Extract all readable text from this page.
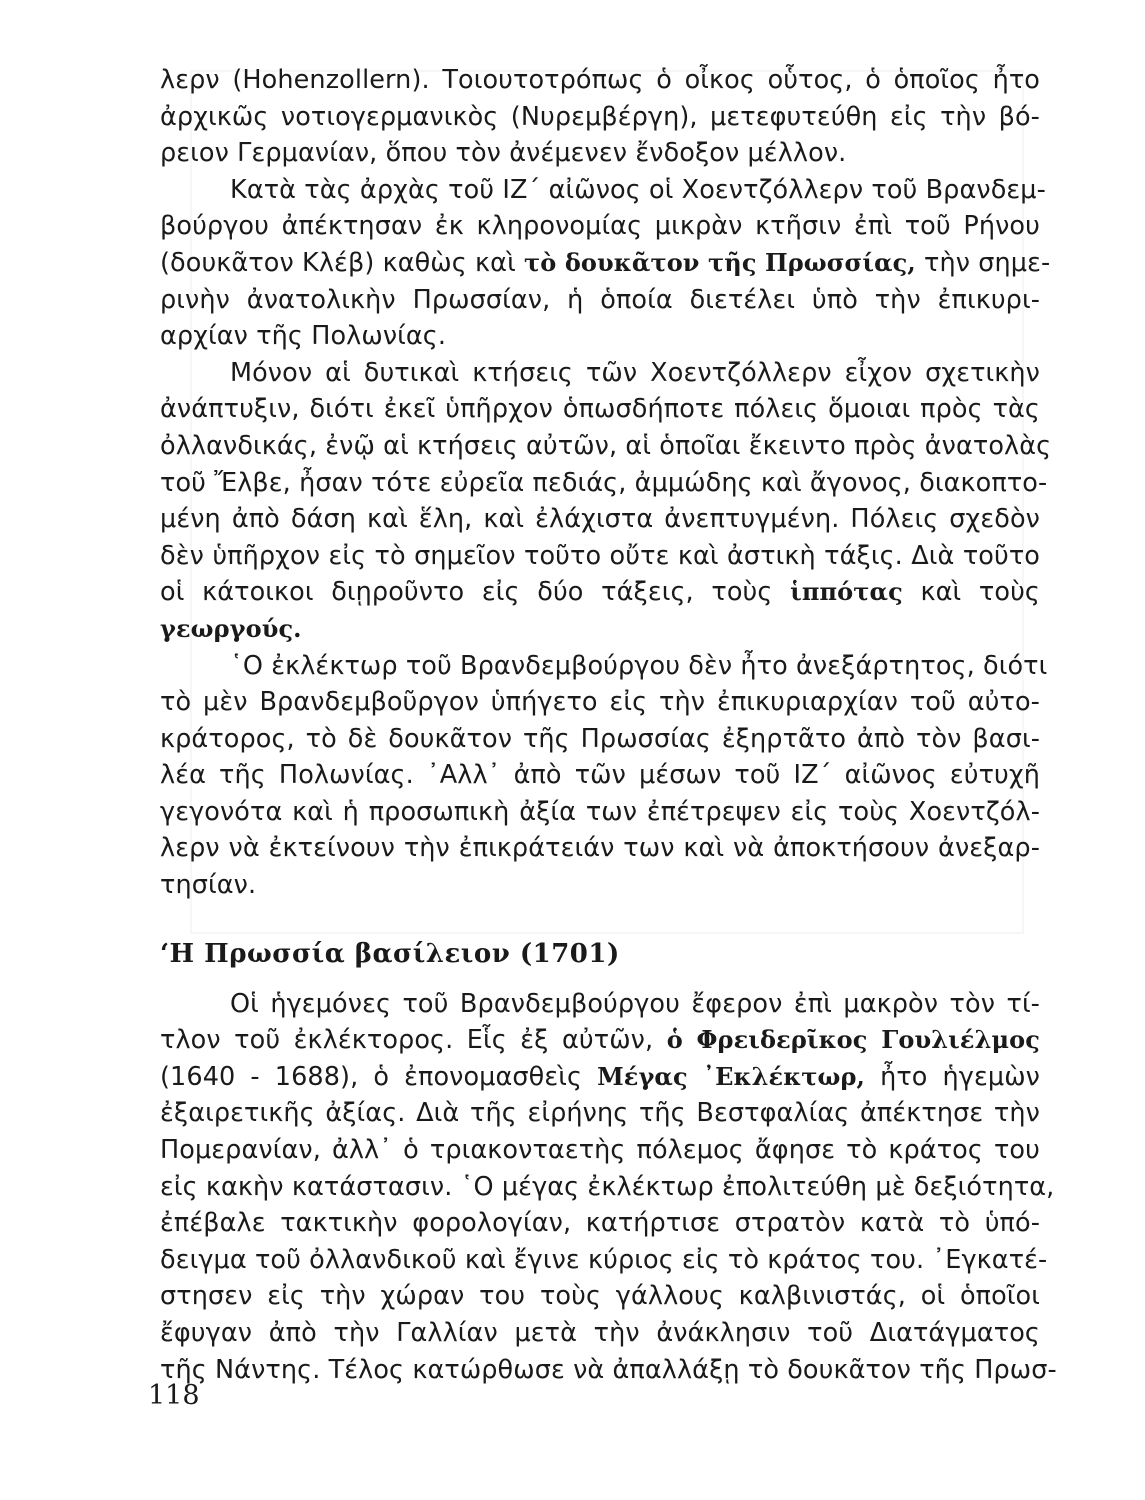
λερν (Hohenzollern). Τοιουτοτρόπως ὁ οἶκος οὗτος, ὁ ὁποῖος ἦτο
ἀρχικῶς νοτιογερμανικὸς (Νυρεμβέργη), μετεφυτεύθη εἰς τὴν βό-
ρειον Γερμανίαν, ὅπου τὸν ἀνέμενεν ἔνδοξον μέλλον.
Κατὰ τὰς ἀρχὰς τοῦ ΙΖ΄ αἰῶνος οἱ Χοεντζόλλερν τοῦ Βρανδεμ-
βούργου ἀπέκτησαν ἐκ κληρονομίας μικρὰν κτῆσιν ἐπὶ τοῦ Ρήνου
(δουκᾶτον Κλέβ) καθὼς καὶ τὸ δουκᾶτον τῆς Πρωσσίας, τὴν σημε-
ρινὴν ἀνατολικὴν Πρωσσίαν, ἡ ὁποία διετέλει ὑπὸ τὴν ἐπικυρι-
αρχίαν τῆς Πολωνίας.
Μόνον αἱ δυτικαὶ κτήσεις τῶν Χοεντζόλλερν εἶχον σχετικὴν
ἀνάπτυξιν, διότι ἐκεῖ ὑπῆρχον ὁπωσδήποτε πόλεις ὅμοιαι πρὸς τὰς
ὀλλανδικάς, ἐνῷ αἱ κτήσεις αὐτῶν, αἱ ὁποῖαι ἔκειντο πρὸς ἀνατολὰς
τοῦ Ἔλβε, ἦσαν τότε εὐρεῖα πεδιάς, ἀμμώδης καὶ ἄγονος, διακοπτο-
μένη ἀπὸ δάση καὶ ἕλη, καὶ ἐλάχιστα ἀνεπτυγμένη. Πόλεις σχεδὸν
δὲν ὑπῆρχον εἰς τὸ σημεῖον τοῦτο οὔτε καὶ ἀστικὴ τάξις. Διὰ τοῦτο
οἱ κάτοικοι διῃροῦντο εἰς δύο τάξεις, τοὺς ἱππότας καὶ τοὺς
γεωργούς.
῾Ο ἐκλέκτωρ τοῦ Βρανδεμβούργου δὲν ἦτο ἀνεξάρτητος, διότι
τὸ μὲν Βρανδεμβοῦργον ὑπήγετο εἰς τὴν ἐπικυριαρχίαν τοῦ αὐτο-
κράτορος, τὸ δὲ δουκᾶτον τῆς Πρωσσίας ἐξηρτᾶτο ἀπὸ τὸν βασι-
λέα τῆς Πολωνίας. ᾿Αλλ᾿ ἀπὸ τῶν μέσων τοῦ ΙΖ΄ αἰῶνος εὐτυχῆ
γεγονότα καὶ ἡ προσωπικὴ ἀξία των ἐπέτρεψεν εἰς τοὺς Χοεντζόλ-
λερν νὰ ἐκτείνουν τὴν ἐπικράτειάν των καὶ νὰ ἀποκτήσουν ἀνεξαρ-
τησίαν.
‘Η Πρωσσία βασίλειον (1701)
Οἱ ἡγεμόνες τοῦ Βρανδεμβούργου ἔφερον ἐπὶ μακρὸν τὸν τί-
τλον τοῦ ἐκλέκτορος. Εἷς ἐξ αὐτῶν, ὁ Φρειδερῖκος Γουλιέλμος
(1640 - 1688), ὁ ἐπονομασθεὶς Μέγας ᾿Εκλέκτωρ, ἦτο ἡγεμὼν
ἐξαιρετικῆς ἀξίας. Διὰ τῆς εἰρήνης τῆς Βεστφαλίας ἀπέκτησε τὴν
Πομερανίαν, ἀλλ᾿ ὁ τριακονταετὴς πόλεμος ἄφησε τὸ κράτος του
εἰς κακὴν κατάστασιν. ῾Ο μέγας ἐκλέκτωρ ἐπολιτεύθη μὲ δεξιότητα,
ἐπέβαλε τακτικὴν φορολογίαν, κατήρτισε στρατὸν κατὰ τὸ ὑπό-
δειγμα τοῦ ὀλλανδικοῦ καὶ ἔγινε κύριος εἰς τὸ κράτος του. ᾿Εγκατέ-
στησεν εἰς τὴν χώραν του τοὺς γάλλους καλβινιστάς, οἱ ὁποῖοι
ἔφυγαν ἀπὸ τὴν Γαλλίαν μετὰ τὴν ἀνάκλησιν τοῦ Διατάγματος
τῆς Νάντης. Τέλος κατώρθωσε νὰ ἀπαλλάξῃ τὸ δουκᾶτον τῆς Πρωσ-
118
